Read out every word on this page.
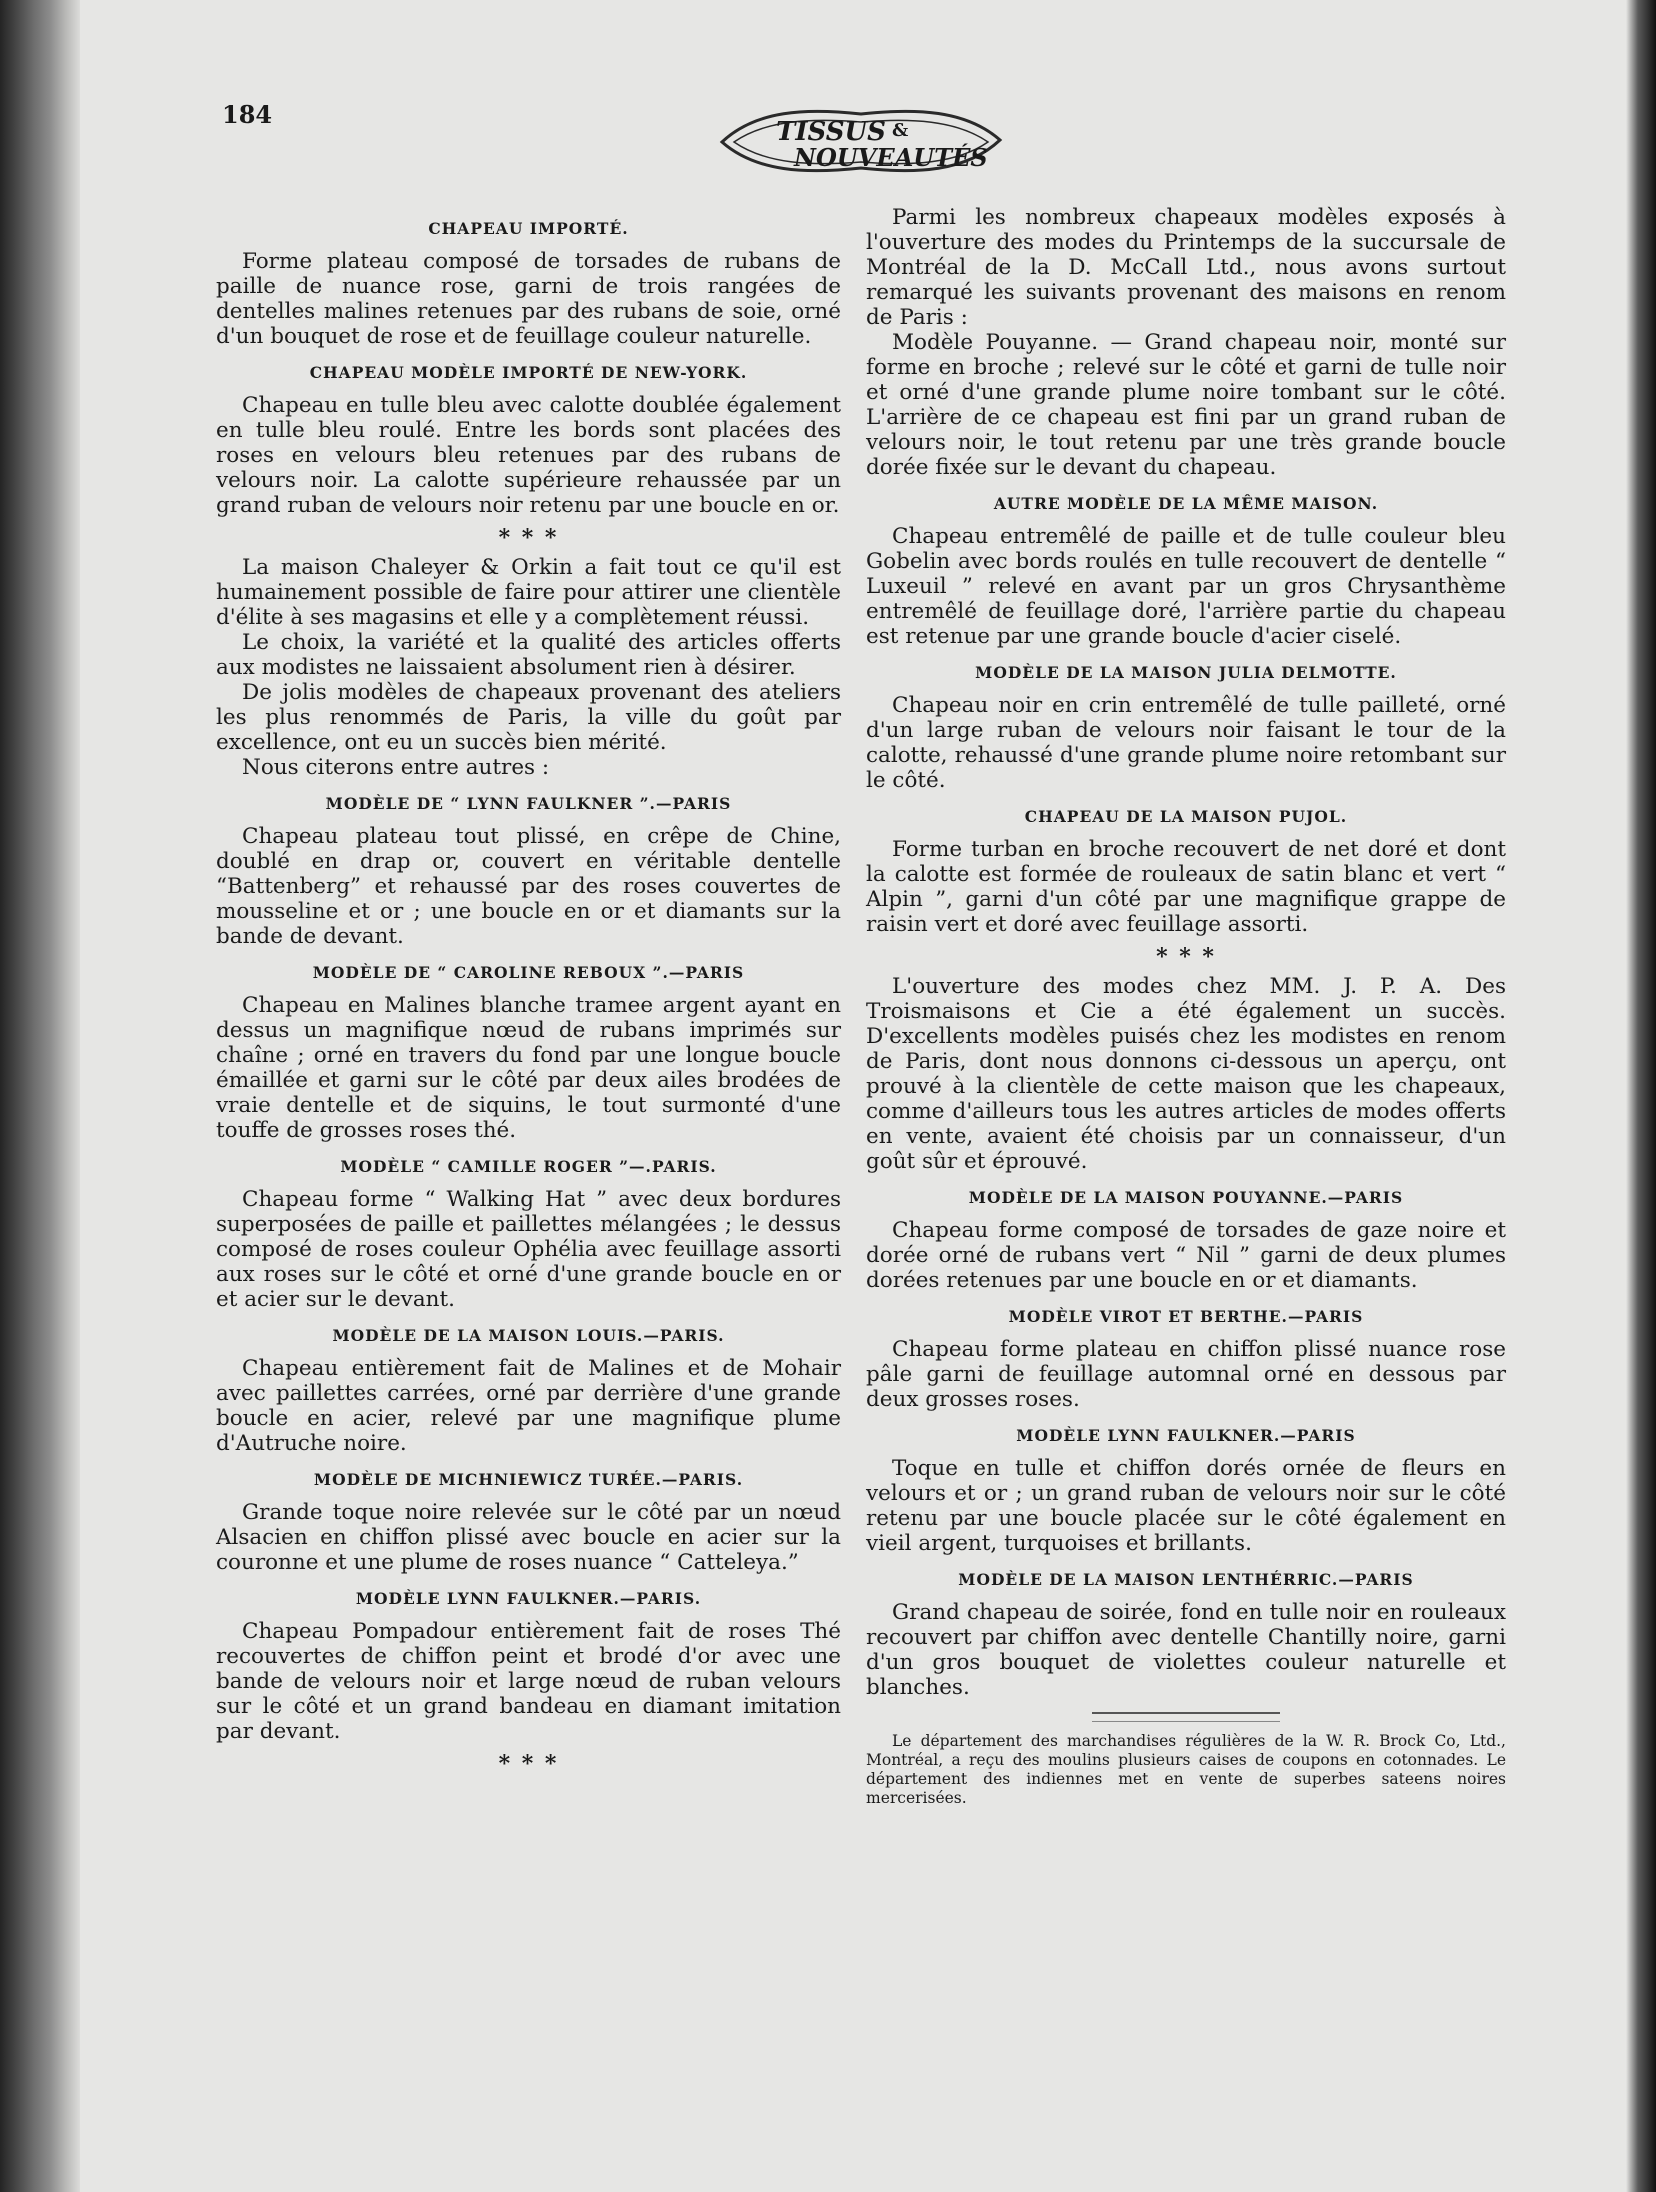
184
TISSUS &
NOUVEAUTÉS
CHAPEAU IMPORTÉ.

Forme plateau composé de torsades de rubans de paille de nuance rose, garni de trois rangées de dentelles malines retenues par des rubans de soie, orné d'un bouquet de rose et de feuillage couleur naturelle.

CHAPEAU MODÈLE IMPORTÉ DE NEW-YORK.

Chapeau en tulle bleu avec calotte doublée également en tulle bleu roulé. Entre les bords sont placées des roses en velours bleu retenues par des rubans de velours noir. La calotte supérieure rehaussée par un grand ruban de velours noir retenu par une boucle en or.

* * *

La maison Chaleyer & Orkin a fait tout ce qu'il est humainement possible de faire pour attirer une clientèle d'élite à ses magasins et elle y a complètement réussi.

Le choix, la variété et la qualité des articles offerts aux modistes ne laissaient absolument rien à désirer.

De jolis modèles de chapeaux provenant des ateliers les plus renommés de Paris, la ville du goût par excellence, ont eu un succès bien mérité.

Nous citerons entre autres :

MODÈLE DE “ LYNN FAULKNER ”.—PARIS

Chapeau plateau tout plissé, en crêpe de Chine, doublé en drap or, couvert en véritable dentelle “Battenberg” et rehaussé par des roses couvertes de mousseline et or ; une boucle en or et diamants sur la bande de devant.

MODÈLE DE “ CAROLINE REBOUX ”.—PARIS

Chapeau en Malines blanche tramee argent ayant en dessus un magnifique nœud de rubans imprimés sur chaîne ; orné en travers du fond par une longue boucle émaillée et garni sur le côté par deux ailes brodées de vraie dentelle et de siquins, le tout surmonté d'une touffe de grosses roses thé.

MODÈLE “ CAMILLE ROGER ”—.PARIS.

Chapeau forme “ Walking Hat ” avec deux bordures superposées de paille et paillettes mélangées ; le dessus composé de roses couleur Ophélia avec feuillage assorti aux roses sur le côté et orné d'une grande boucle en or et acier sur le devant.

MODÈLE DE LA MAISON LOUIS.—PARIS.

Chapeau entièrement fait de Malines et de Mohair avec paillettes carrées, orné par derrière d'une grande boucle en acier, relevé par une magnifique plume d'Autruche noire.

MODÈLE DE MICHNIEWICZ TURÉE.—PARIS.

Grande toque noire relevée sur le côté par un nœud Alsacien en chiffon plissé avec boucle en acier sur la couronne et une plume de roses nuance “ Catteleya.”

MODÈLE LYNN FAULKNER.—PARIS.

Chapeau Pompadour entièrement fait de roses Thé recouvertes de chiffon peint et brodé d'or avec une bande de velours noir et large nœud de ruban velours sur le côté et un grand bandeau en diamant imitation par devant.

* * *

Parmi les nombreux chapeaux modèles exposés à l'ouverture des modes du Printemps de la succursale de Montréal de la D. McCall Ltd., nous avons surtout remarqué les suivants provenant des maisons en renom de Paris :

Modèle Pouyanne. — Grand chapeau noir, monté sur forme en broche ; relevé sur le côté et garni de tulle noir et orné d'une grande plume noire tombant sur le côté. L'arrière de ce chapeau est fini par un grand ruban de velours noir, le tout retenu par une très grande boucle dorée fixée sur le devant du chapeau.

AUTRE MODÈLE DE LA MÊME MAISON.

Chapeau entremêlé de paille et de tulle couleur bleu Gobelin avec bords roulés en tulle recouvert de dentelle “ Luxeuil ” relevé en avant par un gros Chrysanthème entremêlé de feuillage doré, l'arrière partie du chapeau est retenue par une grande boucle d'acier ciselé.

MODÈLE DE LA MAISON JULIA DELMOTTE.

Chapeau noir en crin entremêlé de tulle pailleté, orné d'un large ruban de velours noir faisant le tour de la calotte, rehaussé d'une grande plume noire retombant sur le côté.

CHAPEAU DE LA MAISON PUJOL.

Forme turban en broche recouvert de net doré et dont la calotte est formée de rouleaux de satin blanc et vert “ Alpin ”, garni d'un côté par une magnifique grappe de raisin vert et doré avec feuillage assorti.

* * *

L'ouverture des modes chez MM. J. P. A. Des Troismaisons et Cie a été également un succès. D'excellents modèles puisés chez les modistes en renom de Paris, dont nous donnons ci-dessous un aperçu, ont prouvé à la clientèle de cette maison que les chapeaux, comme d'ailleurs tous les autres articles de modes offerts en vente, avaient été choisis par un connaisseur, d'un goût sûr et éprouvé.

MODÈLE DE LA MAISON POUYANNE.—PARIS

Chapeau forme composé de torsades de gaze noire et dorée orné de rubans vert “ Nil ” garni de deux plumes dorées retenues par une boucle en or et diamants.

MODÈLE VIROT ET BERTHE.—PARIS

Chapeau forme plateau en chiffon plissé nuance rose pâle garni de feuillage automnal orné en dessous par deux grosses roses.

MODÈLE LYNN FAULKNER.—PARIS

Toque en tulle et chiffon dorés ornée de fleurs en velours et or ; un grand ruban de velours noir sur le côté retenu par une boucle placée sur le côté également en vieil argent, turquoises et brillants.

MODÈLE DE LA MAISON LENTHÉRRIC.—PARIS

Grand chapeau de soirée, fond en tulle noir en rouleaux recouvert par chiffon avec dentelle Chantilly noire, garni d'un gros bouquet de violettes couleur naturelle et blanches.

Le département des marchandises régulières de la W. R. Brock Co, Ltd., Montréal, a reçu des moulins plusieurs caises de coupons en cotonnades. Le département des indiennes met en vente de superbes sateens noires mercerisées.
